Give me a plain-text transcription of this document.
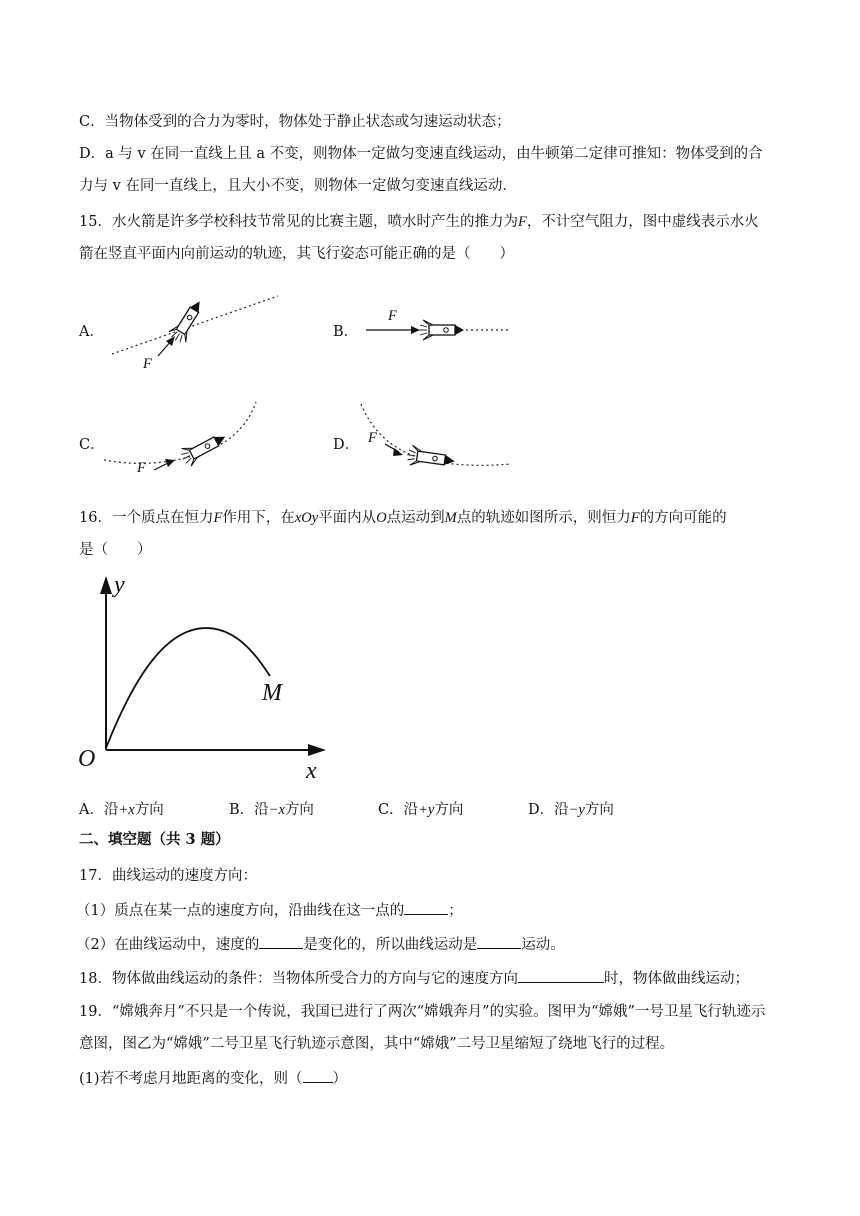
C．当物体受到的合力为零时，物体处于静止状态或匀速运动状态；
D．a 与 v 在同一直线上且 a 不变，则物体一定做匀变速直线运动，由牛顿第二定律可推知：物体受到的合
力与 v 在同一直线上，且大小不变，则物体一定做匀变速直线运动．
15．水火箭是许多学校科技节常见的比赛主题，喷水时产生的推力为F，不计空气阻力，图中虚线表示水火
箭在竖直平面内向前运动的轨迹，其飞行姿态可能正确的是（　　）
A．
F
B．
F
C．
F
D． F
16．一个质点在恒力F作用下，在xOy平面内从O点运动到M点的轨迹如图所示，则恒力F的方向可能的
是（　　）
y
x
O
M
A．沿+x方向	B．沿−x方向	C．沿+y方向	D．沿−y方向
二、填空题（共 3 题）
17．曲线运动的速度方向：
（1）质点在某一点的速度方向，沿曲线在这一点的	；
（2）在曲线运动中，速度的	是变化的，所以曲线运动是	运动。
18．物体做曲线运动的条件：当物体所受合力的方向与它的速度方向	时，物体做曲线运动；
19．“嫦娥奔月”不只是一个传说，我国已进行了两次“嫦娥奔月”的实验。图甲为“嫦娥”一号卫星飞行轨迹示
意图，图乙为“嫦娥”二号卫星飞行轨迹示意图，其中“嫦娥”二号卫星缩短了绕地飞行的过程。
(1)若不考虑月地距离的变化，则（ ）
